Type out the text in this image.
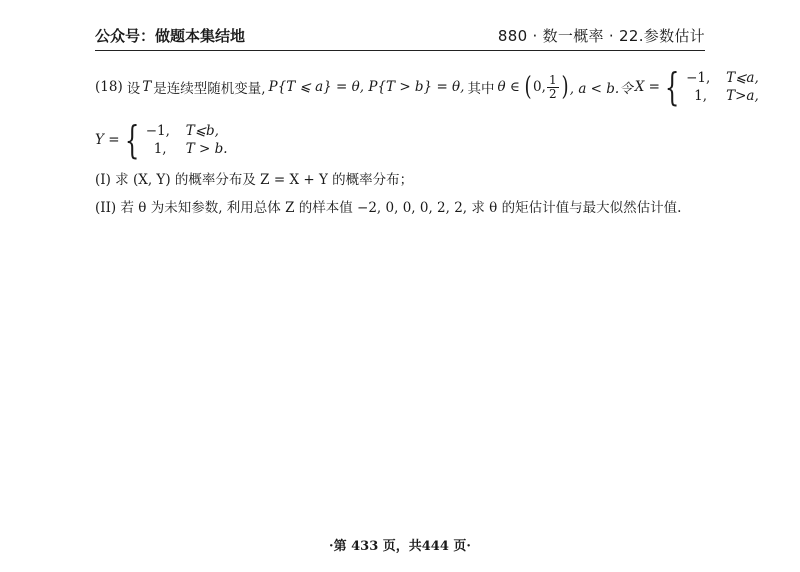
公众号：做题本集结地	880 · 数一概率 · 22.参数估计
(18) 设 T 是连续型随机变量, P{T ⩽ a} = θ, P{T > b} = θ, 其中 θ ∈ ( 0, $\frac{1}{2}$ ) , a < b.令 X = { −1,	T⩽a,
1,	T>a,
Y = { −1,	T⩽b,
1,	T > b.
(I) 求 (X, Y) 的概率分布及 Z = X + Y 的概率分布；
(II) 若 θ 为未知参数, 利用总体 Z 的样本值 −2, 0, 0, 0, 2, 2, 求 θ 的矩估计值与最大似然估计值.
·第 433 页，共444 页·
